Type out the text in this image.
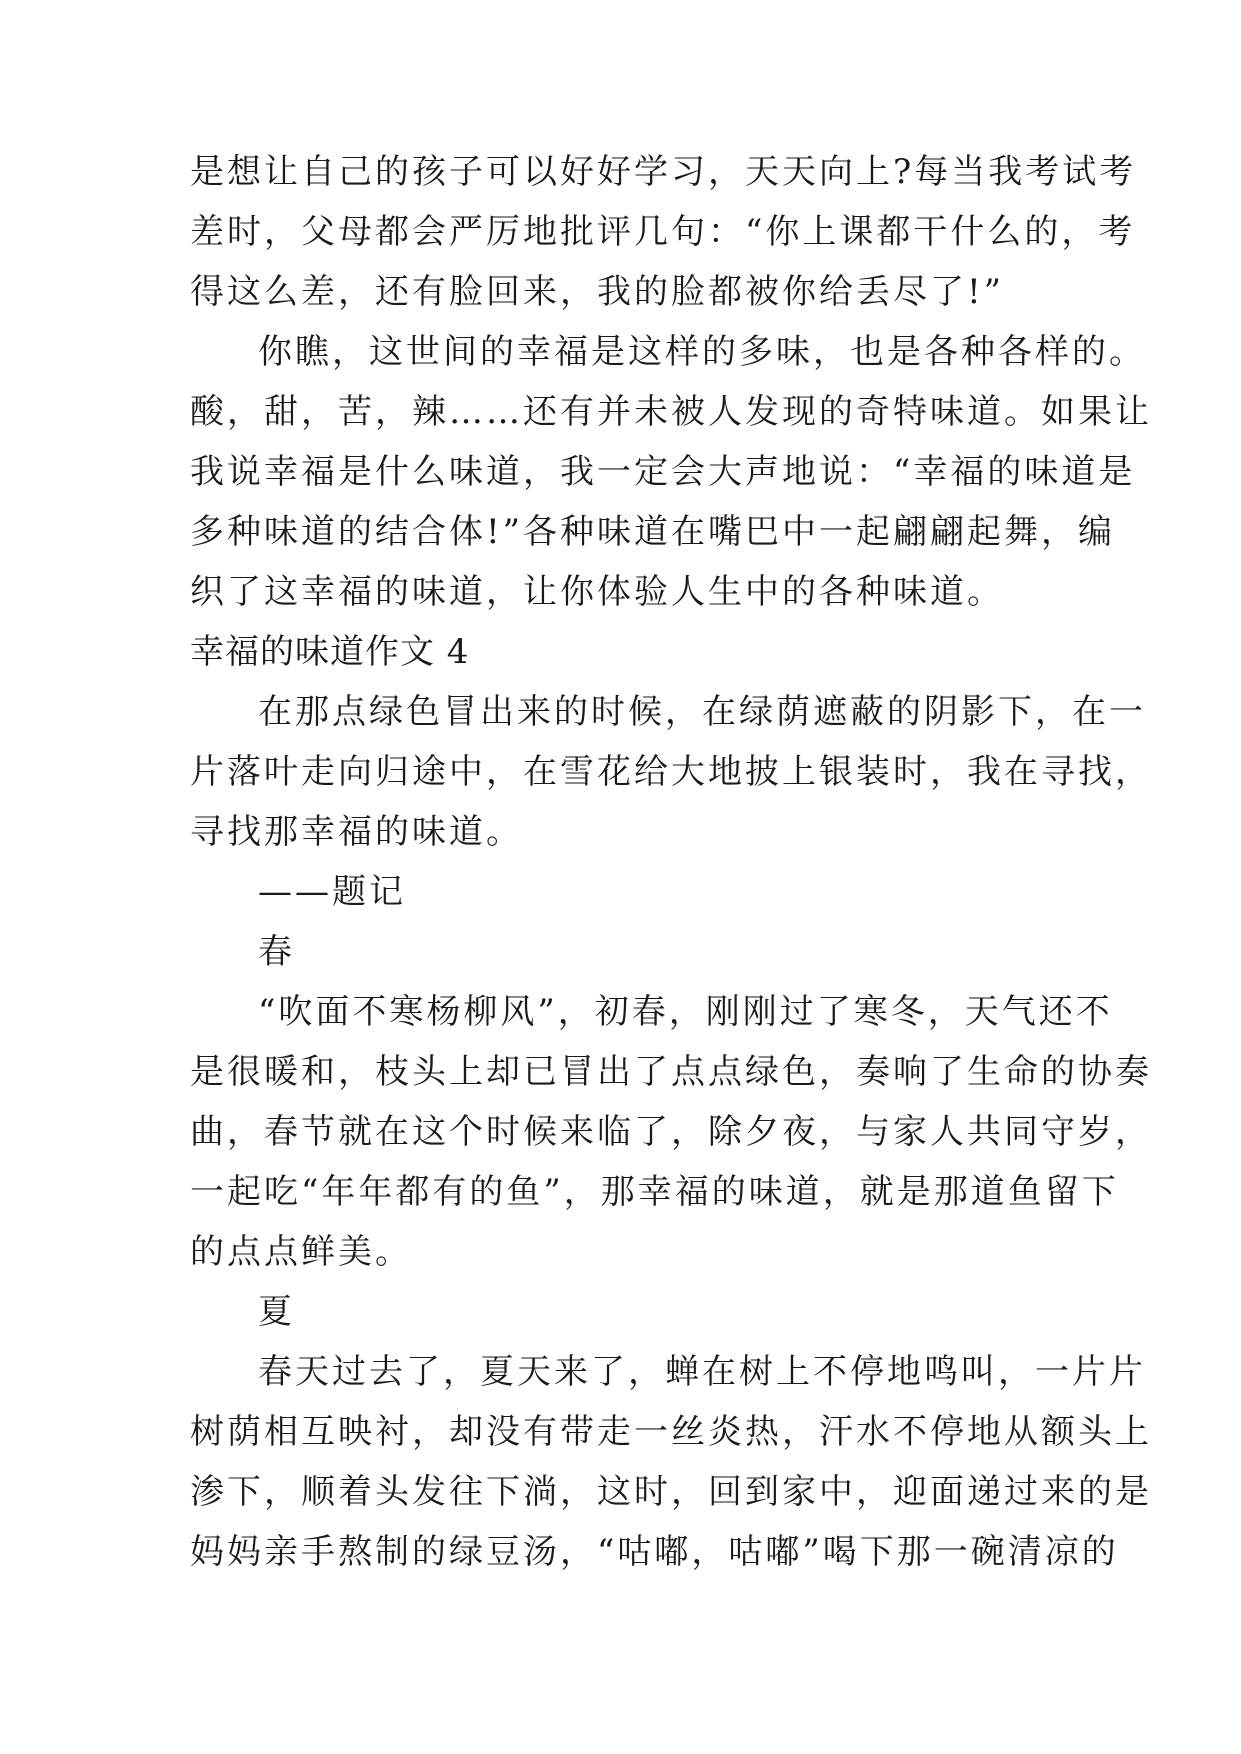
是想让自己的孩子可以好好学习，天天向上?每当我考试考
差时，父母都会严厉地批评几句：“你上课都干什么的，考
得这么差，还有脸回来，我的脸都被你给丢尽了!”
你瞧，这世间的幸福是这样的多味，也是各种各样的。
酸，甜，苦，辣……还有并未被人发现的奇特味道。如果让
我说幸福是什么味道，我一定会大声地说：“幸福的味道是
多种味道的结合体!”各种味道在嘴巴中一起翩翩起舞，编
织了这幸福的味道，让你体验人生中的各种味道。
幸福的味道作文 4
在那点绿色冒出来的时候，在绿荫遮蔽的阴影下，在一
片落叶走向归途中，在雪花给大地披上银装时，我在寻找，
寻找那幸福的味道。
——题记
春
“吹面不寒杨柳风”，初春，刚刚过了寒冬，天气还不
是很暖和，枝头上却已冒出了点点绿色，奏响了生命的协奏
曲，春节就在这个时候来临了，除夕夜，与家人共同守岁，
一起吃“年年都有的鱼”，那幸福的味道，就是那道鱼留下
的点点鲜美。
夏
春天过去了，夏天来了，蝉在树上不停地鸣叫，一片片
树荫相互映衬，却没有带走一丝炎热，汗水不停地从额头上
渗下，顺着头发往下淌，这时，回到家中，迎面递过来的是
妈妈亲手熬制的绿豆汤，“咕嘟，咕嘟”喝下那一碗清凉的
